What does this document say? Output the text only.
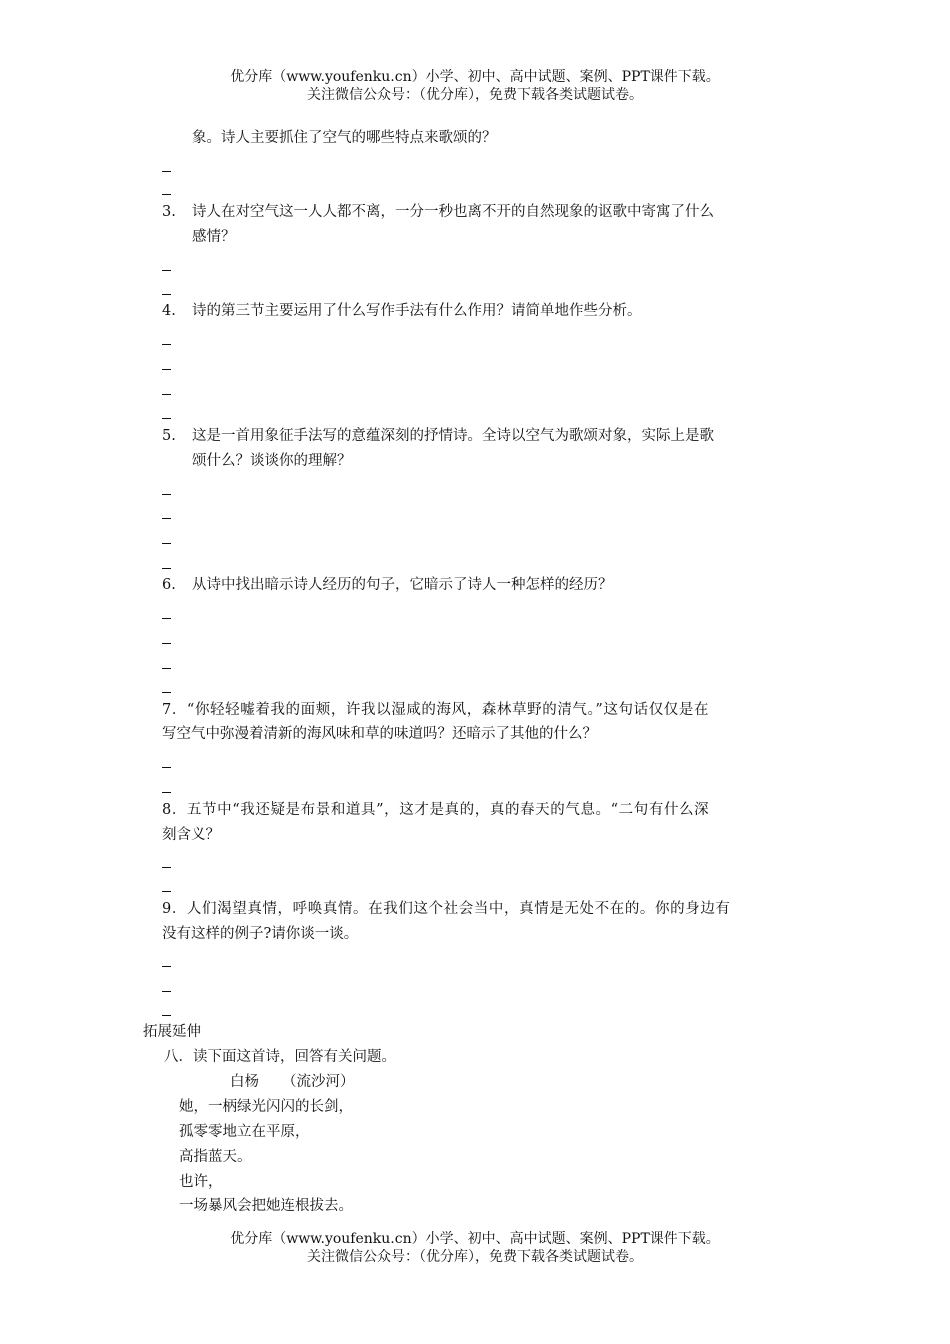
优分库（www.youfenku.cn）小学、初中、高中试题、案例、PPT课件下载。
关注微信公众号：（优分库），免费下载各类试题试卷。
象。诗人主要抓住了空气的哪些特点来歌颂的？
3. 诗人在对空气这一人人都不离，一分一秒也离不开的自然现象的讴歌中寄寓了什么
感情？
4. 诗的第三节主要运用了什么写作手法有什么作用？请简单地作些分析。
5. 这是一首用象征手法写的意蕴深刻的抒情诗。全诗以空气为歌颂对象，实际上是歌
颂什么？谈谈你的理解？
6. 从诗中找出暗示诗人经历的句子，它暗示了诗人一种怎样的经历？
7．“你轻轻嘘着我的面颊，许我以湿咸的海风，森林草野的清气。”这句话仅仅是在
写空气中弥漫着清新的海风味和草的味道吗？还暗示了其他的什么？
8．五节中“我还疑是布景和道具”，这才是真的，真的春天的气息。“二句有什么深
刻含义？
9．人们渴望真情，呼唤真情。在我们这个社会当中，真情是无处不在的。你的身边有
没有这样的例子?请你谈一谈。
拓展延伸
八．读下面这首诗，回答有关问题。
白杨 （流沙河）
她，一柄绿光闪闪的长剑，
孤零零地立在平原，
高指蓝天。
也许，
一场暴风会把她连根拔去。
优分库（www.youfenku.cn）小学、初中、高中试题、案例、PPT课件下载。
关注微信公众号：（优分库），免费下载各类试题试卷。
